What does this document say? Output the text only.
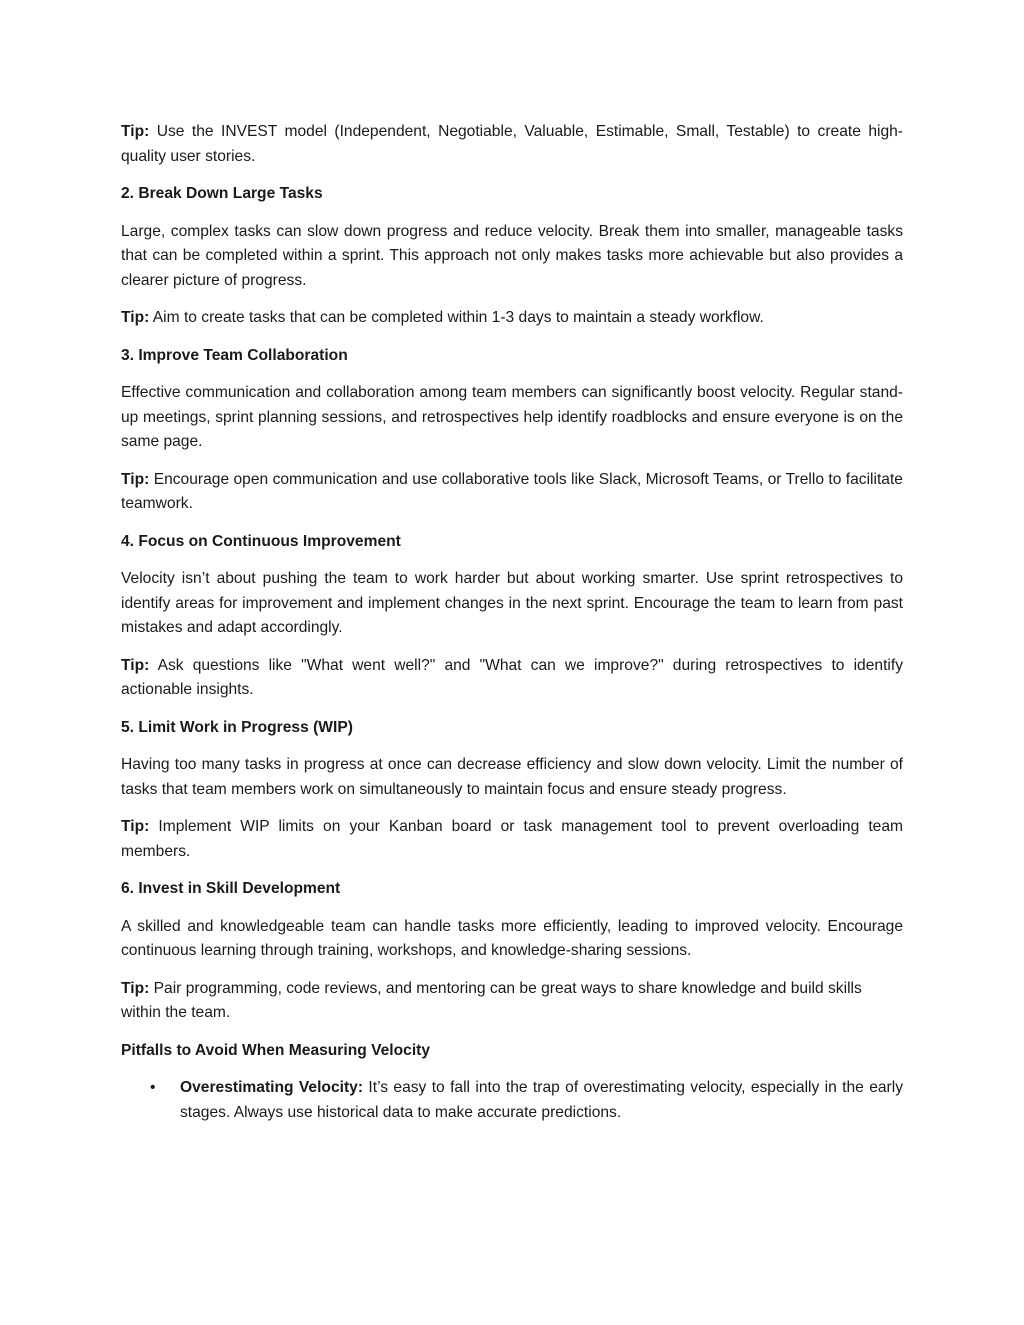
Tip: Use the INVEST model (Independent, Negotiable, Valuable, Estimable, Small, Testable) to create high-quality user stories.

2. Break Down Large Tasks

Large, complex tasks can slow down progress and reduce velocity. Break them into smaller, manageable tasks that can be completed within a sprint. This approach not only makes tasks more achievable but also provides a clearer picture of progress.

Tip: Aim to create tasks that can be completed within 1-3 days to maintain a steady workflow.

3. Improve Team Collaboration

Effective communication and collaboration among team members can significantly boost velocity. Regular stand-up meetings, sprint planning sessions, and retrospectives help identify roadblocks and ensure everyone is on the same page.

Tip: Encourage open communication and use collaborative tools like Slack, Microsoft Teams, or Trello to facilitate teamwork.

4. Focus on Continuous Improvement

Velocity isn’t about pushing the team to work harder but about working smarter. Use sprint retrospectives to identify areas for improvement and implement changes in the next sprint. Encourage the team to learn from past mistakes and adapt accordingly.

Tip: Ask questions like "What went well?" and "What can we improve?" during retrospectives to identify actionable insights.

5. Limit Work in Progress (WIP)

Having too many tasks in progress at once can decrease efficiency and slow down velocity. Limit the number of tasks that team members work on simultaneously to maintain focus and ensure steady progress.

Tip: Implement WIP limits on your Kanban board or task management tool to prevent overloading team members.

6. Invest in Skill Development

A skilled and knowledgeable team can handle tasks more efficiently, leading to improved velocity. Encourage continuous learning through training, workshops, and knowledge-sharing sessions.

Tip: Pair programming, code reviews, and mentoring can be great ways to share knowledge and build skills within the team.

Pitfalls to Avoid When Measuring Velocity

• Overestimating Velocity: It’s easy to fall into the trap of overestimating velocity, especially in the early stages. Always use historical data to make accurate predictions.
